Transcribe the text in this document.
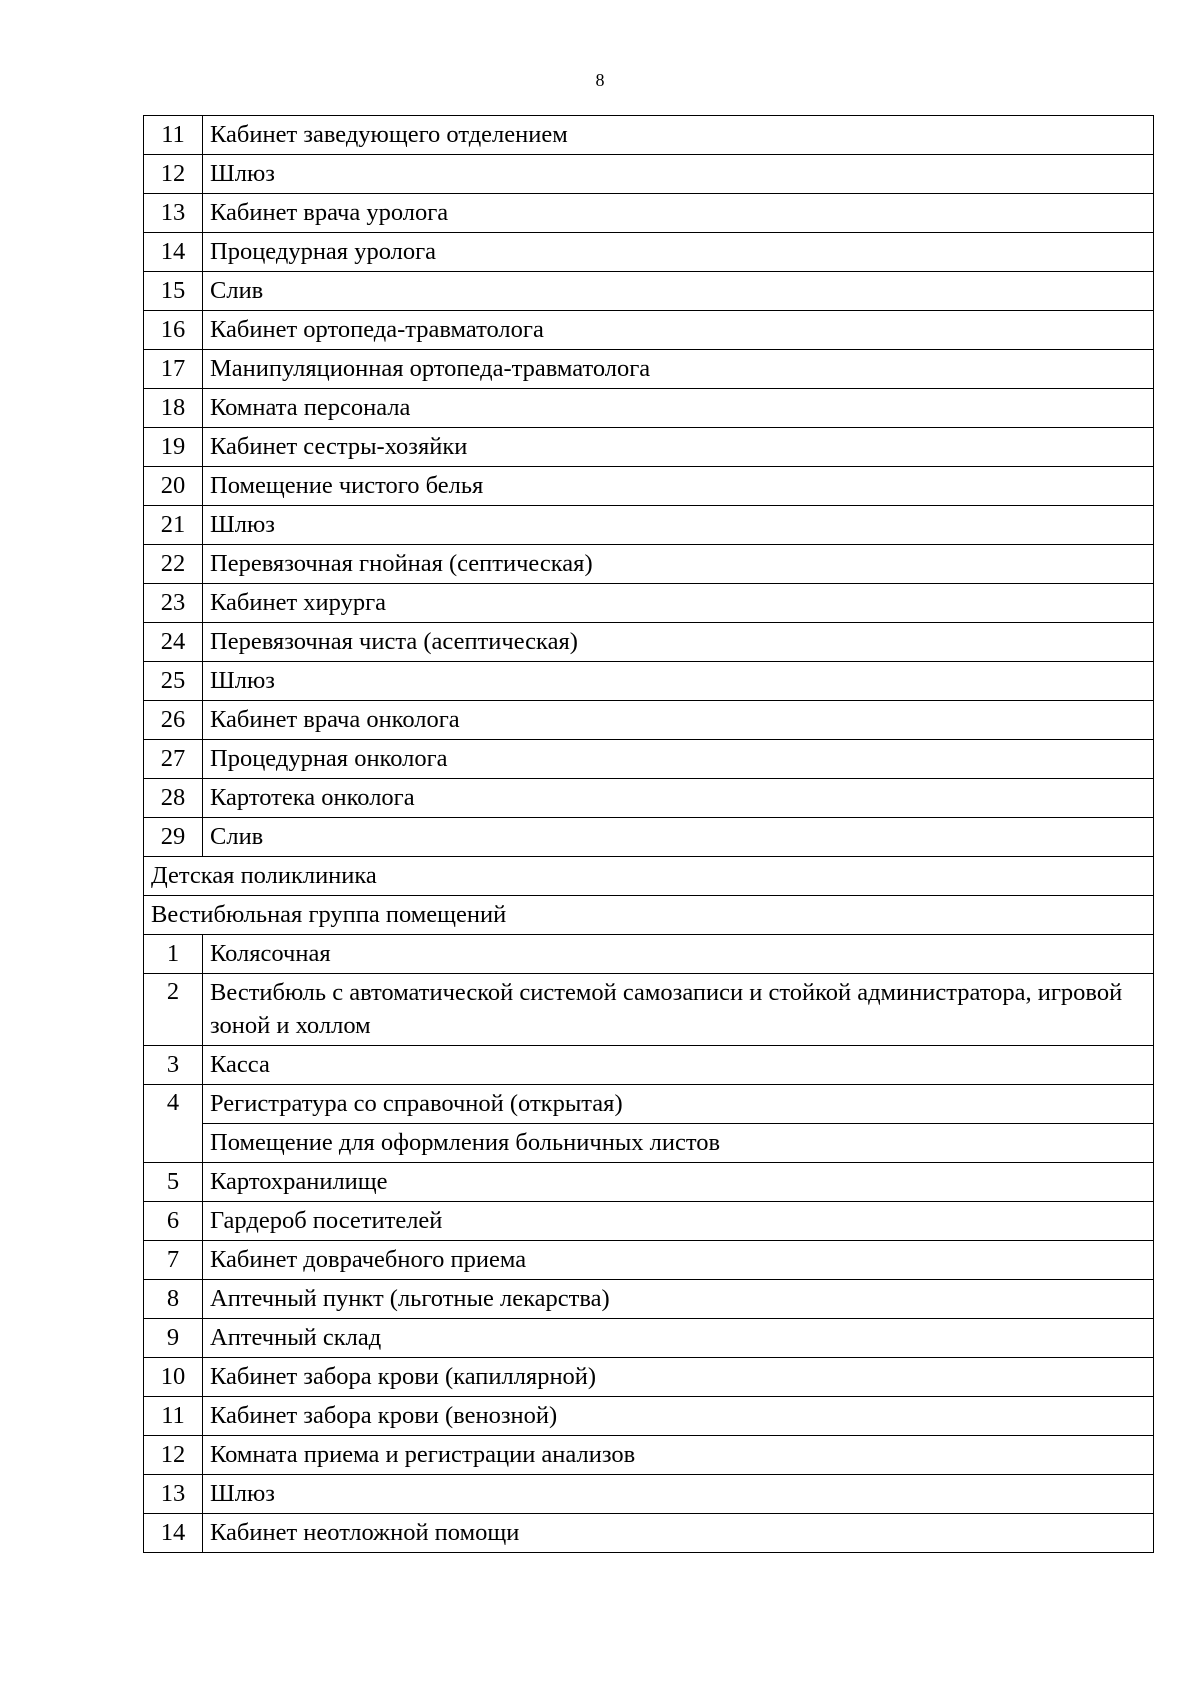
8
11	Кабинет заведующего отделением
12	Шлюз
13	Кабинет врача уролога
14	Процедурная уролога
15	Слив
16	Кабинет ортопеда-травматолога
17	Манипуляционная ортопеда-травматолога
18	Комната персонала
19	Кабинет сестры-хозяйки
20	Помещение чистого белья
21	Шлюз
22	Перевязочная гнойная (септическая)
23	Кабинет хирурга
24	Перевязочная чиста (асептическая)
25	Шлюз
26	Кабинет врача онколога
27	Процедурная онколога
28	Картотека онколога
29	Слив
Детская поликлиника	
Вестибюльная группа помещений	
1	Колясочная
2	Вестибюль с автоматической системой самозаписи и стойкой администратора, игровой зоной и холлом
3	Касса
4	Регистратура со справочной (открытая)
	Помещение для оформления больничных листов
5	Картохранилище
6	Гардероб посетителей
7	Кабинет доврачебного приема
8	Аптечный пункт (льготные лекарства)
9	Аптечный склад
10	Кабинет забора крови (капиллярной)
11	Кабинет забора крови (венозной)
12	Комната приема и регистрации анализов
13	Шлюз
14	Кабинет неотложной помощи
